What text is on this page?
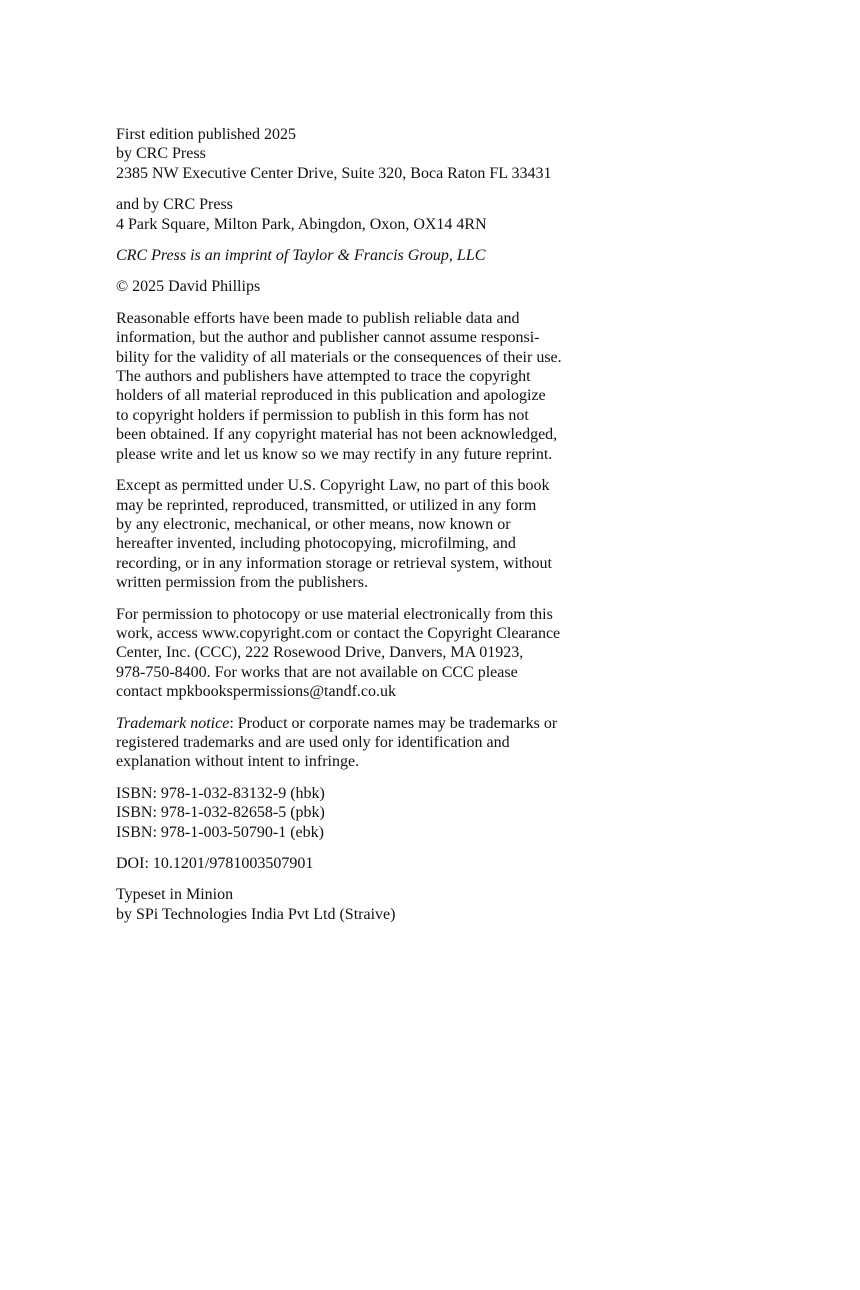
First edition published 2025
by CRC Press
2385 NW Executive Center Drive, Suite 320, Boca Raton FL 33431
and by CRC Press
4 Park Square, Milton Park, Abingdon, Oxon, OX14 4RN
CRC Press is an imprint of Taylor & Francis Group, LLC
© 2025 David Phillips
Reasonable efforts have been made to publish reliable data and
information, but the author and publisher cannot assume responsi-
bility for the validity of all materials or the consequences of their use.
The authors and publishers have attempted to trace the copyright
holders of all material reproduced in this publication and apologize
to copyright holders if permission to publish in this form has not
been obtained. If any copyright material has not been acknowledged,
please write and let us know so we may rectify in any future reprint.
Except as permitted under U.S. Copyright Law, no part of this book
may be reprinted, reproduced, transmitted, or utilized in any form
by any electronic, mechanical, or other means, now known or
hereafter invented, including photocopying, microfilming, and
recording, or in any information storage or retrieval system, without
written permission from the publishers.
For permission to photocopy or use material electronically from this
work, access www.copyright.com or contact the Copyright Clearance
Center, Inc. (CCC), 222 Rosewood Drive, Danvers, MA 01923,
978-750-8400. For works that are not available on CCC please
contact mpkbookspermissions@tandf.co.uk
Trademark notice: Product or corporate names may be trademarks or
registered trademarks and are used only for identification and
explanation without intent to infringe.
ISBN: 978-1-032-83132-9 (hbk)
ISBN: 978-1-032-82658-5 (pbk)
ISBN: 978-1-003-50790-1 (ebk)
DOI: 10.1201/9781003507901
Typeset in Minion
by SPi Technologies India Pvt Ltd (Straive)
